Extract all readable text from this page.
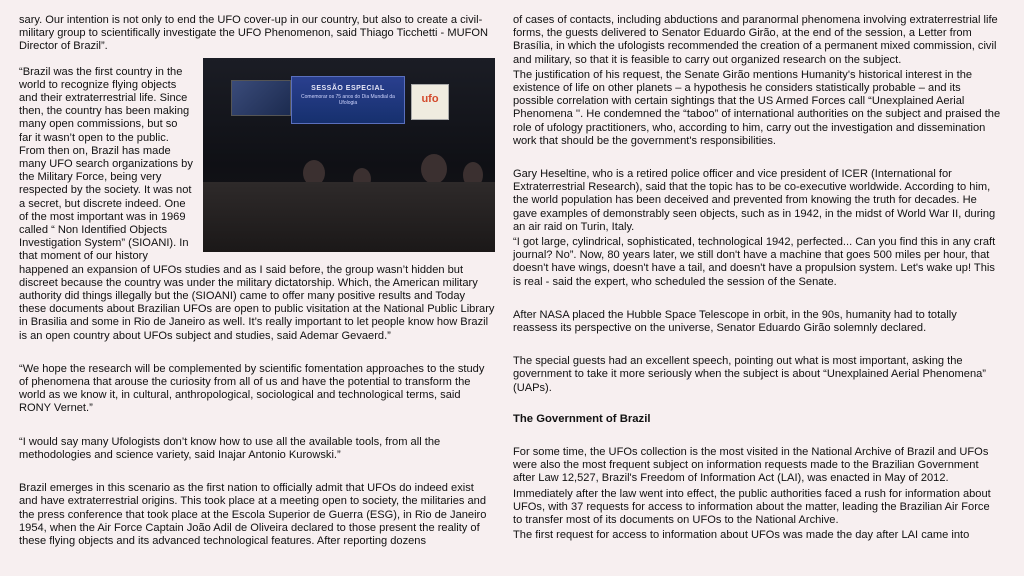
sary. Our intention is not only to end the UFO cover-up in our country, but also to create a civil-military group to scientifically investigate the UFO Phenomenon, said Thiago Ticchetti - MUFON Director of Brazil”.

SESSÃO ESPECIAL
Comemorar os 75 anos do Dia Mundial da Ufologia	ufo

“Brazil was the first country in the world to recognize flying objects and their extraterrestrial life. Since then, the country has been making many open commissions, but so far it wasn’t open to the public. From then on, Brazil has made many UFO search organizations by the Military Force, being very respected by the society. It was not a secret, but discrete indeed. One of the most important was in 1969 called “ Non Identified Objects Investigation System” (SIOANI). In that moment of our history happened an expansion of UFOs studies and as I said before, the group wasn’t hidden but discreet because the country was under the military dictatorship. Which, the American military authority did things illegally but the (SIOANI) came to offer many positive results and Today these documents about Brazilian UFOs are open to public visitation at the National Public Library in Brasilia and some in Rio de Janeiro as well. It’s really important to let people know how Brazil is an open country about UFOs subject and studies, said Ademar Gevaerd.”

“We hope the research will be complemented by scientific fomentation approaches to the study of phenomena that arouse the curiosity from all of us and have the potential to transform the world as we know it, in cultural, anthropological, sociological and technological terms, said RONY Vernet.”

“I would say many Ufologists don’t know how to use all the available tools, from all the methodologies and science variety, said Inajar Antonio Kurowski.”

Brazil emerges in this scenario as the first nation to officially admit that UFOs do indeed exist and have extraterrestrial origins. This took place at a meeting open to society, the militaries and the press conference that took place at the Escola Superior de Guerra (ESG), in Rio de Janeiro 1954, when the Air Force Captain João Adil de Oliveira declared to those present the reality of these flying objects and its advanced technological features. After reporting dozens

of cases of contacts, including abductions and paranormal phenomena involving extraterrestrial life forms, the guests delivered to Senator Eduardo Girão, at the end of the session, a Letter from Brasília, in which the ufologists recommended the creation of a permanent mixed commission, civil and military, so that it is feasible to carry out organized research on the subject.

The justification of his request, the Senate Girão mentions Humanity's historical interest in the existence of life on other planets – a hypothesis he considers statistically probable – and its possible correlation with certain sightings that the US Armed Forces call “Unexplained Aerial Phenomena ''. He condemned the “taboo” of international authorities on the subject and praised the role of ufology practitioners, who, according to him, carry out the investigation and dissemination work that should be the government's responsibilities.

Gary Heseltine, who is a retired police officer and vice president of ICER (International for Extraterrestrial Research), said that the topic has to be co-executive worldwide. According to him, the world population has been deceived and prevented from knowing the truth for decades. He gave examples of demonstrably seen objects, such as in 1942, in the midst of World War II, during an air raid on Turin, Italy.

“I got large, cylindrical, sophisticated, technological 1942, perfected... Can you find this in any craft journal? No”. Now, 80 years later, we still don't have a machine that goes 500 miles per hour, that doesn't have wings, doesn't have a tail, and doesn't have a propulsion system. Let's wake up! This is real - said the expert, who scheduled the session of the Senate.

After NASA placed the Hubble Space Telescope in orbit, in the 90s, humanity had to totally reassess its perspective on the universe, Senator Eduardo Girão solemnly declared.

The special guests had an excellent speech, pointing out what is most important, asking the government to take it more seriously when the subject is about “Unexplained Aerial Phenomena” (UAPs).

The Government of Brazil

For some time, the UFOs collection is the most visited in the National Archive of Brazil and UFOs were also the most frequent subject on information requests made to the Brazilian Government after Law 12,527, Brazil's Freedom of Information Act (LAI), was enacted in May of 2012.

Immediately after the law went into effect, the public authorities faced a rush for information about UFOs, with 37 requests for access to information about the matter, leading the Brazilian Air Force to transfer most of its documents on UFOs to the National Archive.

The first request for access to information about UFOs was made the day after LAI came into
